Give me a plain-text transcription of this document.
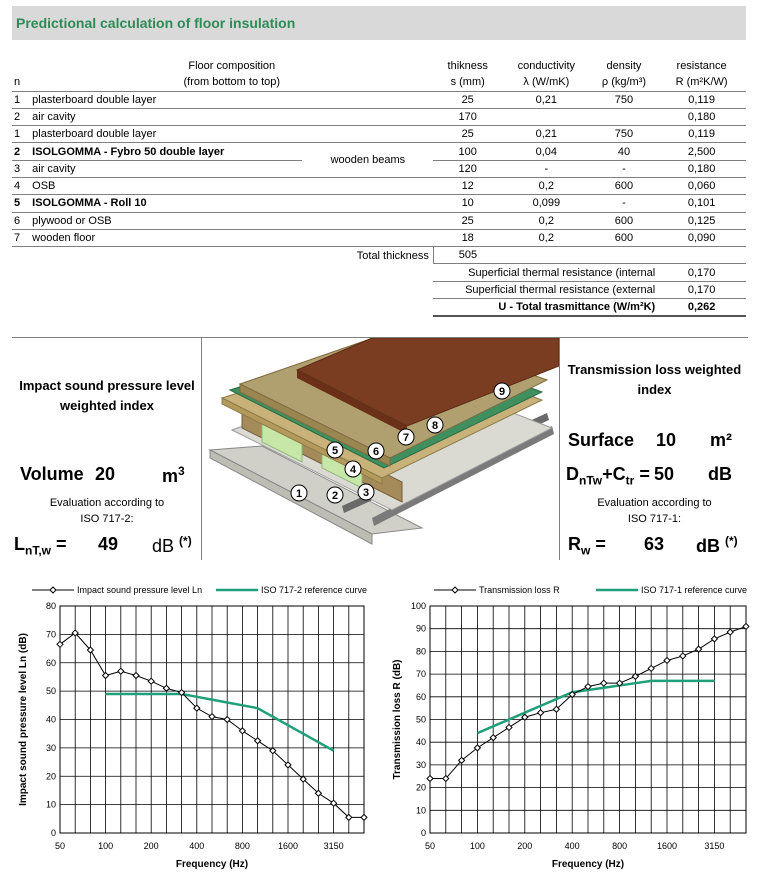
Predictional calculation of floor insulation
	Floor composition		thikness	conductivity	density	resistance
n	(from bottom to top)		s (mm)	λ (W/mK)	ρ (kg/m³)	R (m²K/W)
1	plasterboard double layer		25	0,21	750	0,119
2	air cavity		170			0,180
1	plasterboard double layer		25	0,21	750	0,119
2	ISOLGOMMA - Fybro 50 double layer	wooden beams	100	0,04	40	2,500
3	air cavity		120	-	-	0,180
4	OSB		12	0,2	600	0,060
5	ISOLGOMMA - Roll 10		10	0,099	-	0,101
6	plywood or OSB		25	0,2	600	0,125
7	wooden floor		18	0,2	600	0,090
	Total thickness		505			
			Superficial thermal resistance (internal			0,170
			Superficial thermal resistance (external			0,170
			U - Total trasmittance (W/m²K)			0,262
Impact sound pressure level weighted index
Volume 20	$m^3$
Evaluation according to
ISO 717-2:
$L_{nT,w} = 49$ dB (*)
1	2 3
4
5	6
7
8
9
Transmission loss weighted index
Surface 10 m²
$D_{nTw}+C_{tr} = 50$ dB
Evaluation according to
ISO 717-1:
$R_w = 63$ dB (*)
Impact sound pressure level Ln	ISO 717-2 reference curve
0
10
20
30
40
50
60
70
80
50	100	200	400	800	1600	3150
Frequency (Hz)
Impact sound pressure level Ln (dB)
Transmission loss R	ISO 717-1 reference curve
0
10
20
30
40
50
60
70
80
90
100
50	100	200	400	800	1600	3150
Frequency (Hz)
Transmission loss R (dB)
